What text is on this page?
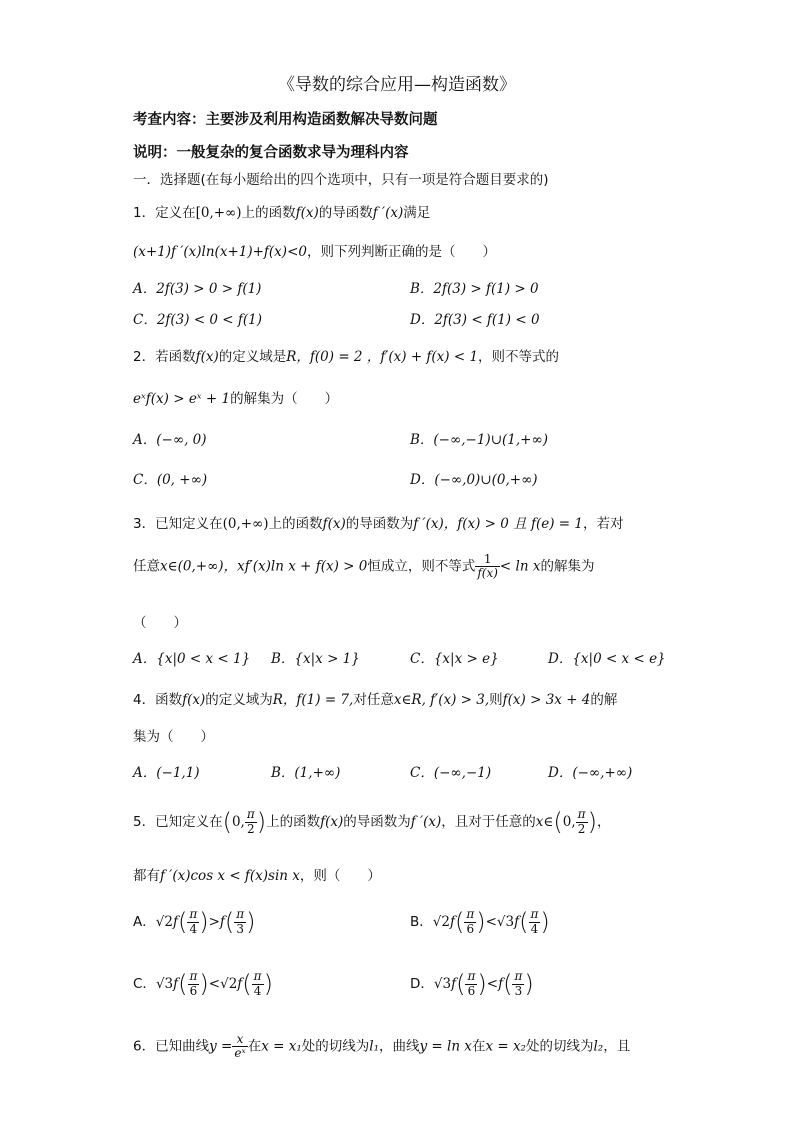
《导数的综合应用—构造函数》
考查内容：主要涉及利用构造函数解决导数问题
说明：一般复杂的复合函数求导为理科内容
一．选择题(在每小题给出的四个选项中，只有一项是符合题目要求的)
1．定义在[0,+∞)上的函数f(x)的导函数f ′(x)满足
(x+1)f ′(x)ln(x+1)+f(x)<0，则下列判断正确的是（　　）
A．2f(3) > 0 > f(1)	B．2f(3) > f(1) > 0
C．2f(3) < 0 < f(1)	D．2f(3) < f(1) < 0
2．若函数f(x)的定义域是R，f(0) = 2 ，f′(x) + f(x) < 1，则不等式的
eˣf(x) > eˣ + 1的解集为（　　）
A．(−∞, 0)	B．(−∞,−1)∪(1,+∞)
C．(0, +∞)	D．(−∞,0)∪(0,+∞)
3．已知定义在(0,+∞)上的函数f(x)的导函数为f ′(x)，f(x) > 0 且 f(e) = 1，若对
任意x∈(0,+∞)，xf′(x)ln x + f(x) > 0恒成立，则不等式 $\frac{1}{f(x)} < \ln x$的解集为
（　　）
A．{x|0 < x < 1} B．{x|x > 1}	C．{x|x > e}	D．{x|0 < x < e}
4．函数f(x)的定义域为R，f(1) = 7,对任意x∈R, f′(x) > 3,则f(x) > 3x + 4的解
集为（　　）
A．(−1,1)	B．(1,+∞)	C．(−∞,−1)	D．(−∞,+∞)
5．已知定义在(0, $\frac{\pi}{2}$ )上的函数f(x)的导函数为f ′(x)，且对于任意的x∈(0, $\frac{\pi}{2}$ )，
都有f ′(x)cos x < f(x)sin x，则（　　）
A．$√2f( \frac{\pi}{4} )>f( \frac{\pi}{3}$ )	B．$√2f( \frac{\pi}{6} )<√3f( \frac{\pi}{4}$ )
C．$√3f( \frac{\pi}{6} )<√2f( \frac{\pi}{4}$ )	D．$√3f( \frac{\pi}{6} )<f( \frac{\pi}{3}$ )
6．已知曲线$y = \frac{x}{\text{eˣ}}$ 在x = x₁处的切线为l₁，曲线y = ln x在x = x₂处的切线为l₂，且
